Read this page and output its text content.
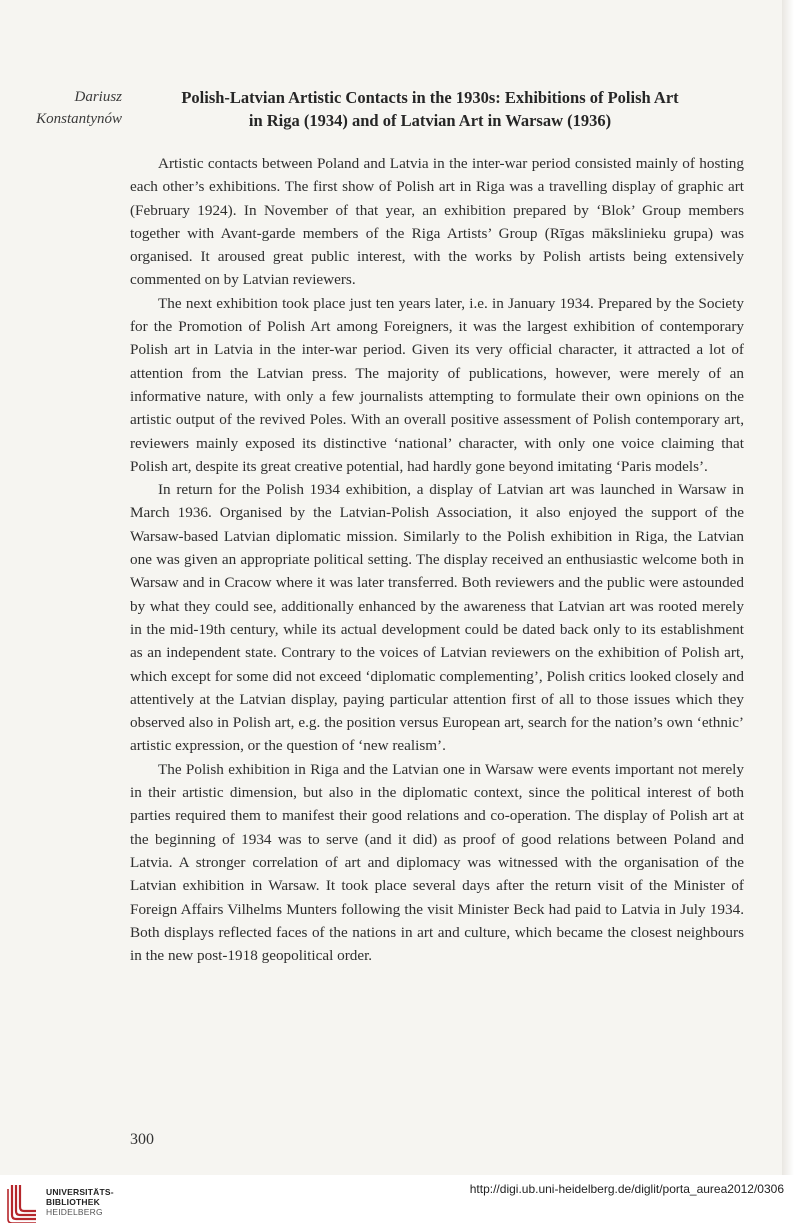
Dariusz
Konstantynów
Polish-Latvian Artistic Contacts in the 1930s: Exhibitions of Polish Art
in Riga (1934) and of Latvian Art in Warsaw (1936)

Artistic contacts between Poland and Latvia in the inter-war period consisted mainly of hosting each other’s exhibitions. The first show of Polish art in Riga was a travelling display of graphic art (February 1924). In November of that year, an exhibition prepared by ‘Blok’ Group members together with Avant-garde members of the Riga Artists’ Group (Rīgas mākslinieku grupa) was organised. It aroused great public interest, with the works by Polish artists being extensively commented on by Latvian reviewers.

The next exhibition took place just ten years later, i.e. in January 1934. Prepared by the Society for the Promotion of Polish Art among Foreigners, it was the largest exhibition of contemporary Polish art in Latvia in the inter-war period. Given its very official character, it attracted a lot of attention from the Latvian press. The majority of publications, however, were merely of an informative nature, with only a few journalists attempting to formulate their own opinions on the artistic output of the revived Poles. With an overall positive assessment of Polish contemporary art, reviewers mainly exposed its distinctive ‘national’ character, with only one voice claiming that Polish art, despite its great creative potential, had hardly gone beyond imitating ‘Paris models’.

In return for the Polish 1934 exhibition, a display of Latvian art was launched in Warsaw in March 1936. Organised by the Latvian-Polish Association, it also enjoyed the support of the Warsaw-based Latvian diplomatic mission. Similarly to the Polish exhibition in Riga, the Latvian one was given an appropriate political setting. The display received an enthusiastic welcome both in Warsaw and in Cracow where it was later transferred. Both reviewers and the public were astounded by what they could see, additionally enhanced by the awareness that Latvian art was rooted merely in the mid-19th century, while its actual development could be dated back only to its establishment as an independent state. Contrary to the voices of Latvian reviewers on the exhibition of Polish art, which except for some did not exceed ‘diplomatic complementing’, Polish critics looked closely and attentively at the Latvian display, paying particular attention first of all to those issues which they observed also in Polish art, e.g. the position versus European art, search for the nation’s own ‘ethnic’ artistic expression, or the question of ‘new realism’.

The Polish exhibition in Riga and the Latvian one in Warsaw were events important not merely in their artistic dimension, but also in the diplomatic context, since the political interest of both parties required them to manifest their good relations and co-operation. The display of Polish art at the beginning of 1934 was to serve (and it did) as proof of good relations between Poland and Latvia. A stronger correlation of art and diplomacy was witnessed with the organisation of the Latvian exhibition in Warsaw. It took place several days after the return visit of the Minister of Foreign Affairs Vilhelms Munters following the visit Minister Beck had paid to Latvia in July 1934. Both displays reflected faces of the nations in art and culture, which became the closest neighbours in the new post-1918 geopolitical order.

300
UNIVERSITÄTS-
BIBLIOTHEK
HEIDELBERG
http://digi.ub.uni-heidelberg.de/diglit/porta_aurea2012/0306
